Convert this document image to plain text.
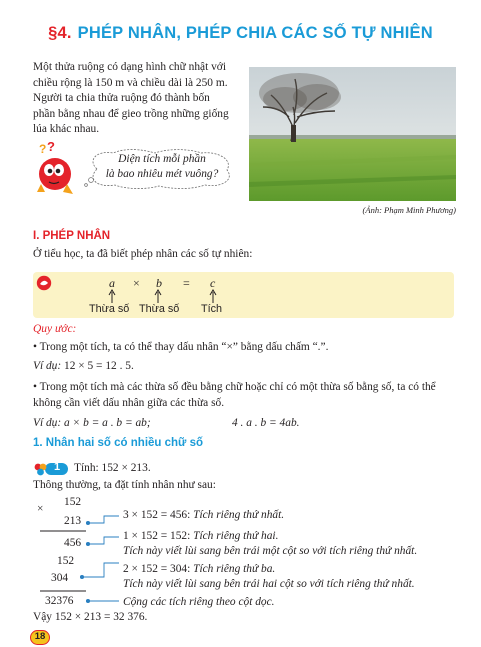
§4. PHÉP NHÂN, PHÉP CHIA CÁC SỐ TỰ NHIÊN
Một thửa ruộng có dạng hình chữ nhật với
chiều rộng là 150 m và chiều dài là 250 m.
Người ta chia thửa ruộng đó thành bốn
phần bằng nhau để gieo trồng những giống
lúa khác nhau.
(Ảnh: Phạm Minh Phương)
? ?
Diện tích mỗi phần
là bao nhiêu mét vuông?
I. PHÉP NHÂN
Ở tiểu học, ta đã biết phép nhân các số tự nhiên:
a × b = c
Thừa số Thừa số Tích
Quy ước:
• Trong một tích, ta có thể thay dấu nhân “×” bằng dấu chấm “.”.
Ví dụ: 12 × 5 = 12 . 5.
• Trong một tích mà các thừa số đều bằng chữ hoặc chỉ có một thừa số bằng số, ta có thể
không cần viết dấu nhân giữa các thừa số.
Ví dụ: a × b = a . b = ab;	4 . a . b = 4ab.
1. Nhân hai số có nhiều chữ số
1 Tính: 152 × 213.
Thông thường, ta đặt tính nhân như sau:
×
152
213
456
152
304
32376
3 × 152 = 456: Tích riêng thứ nhất.
1 × 152 = 152: Tích riêng thứ hai.
Tích này viết lùi sang bên trái một cột so với tích riêng thứ nhất.
2 × 152 = 304: Tích riêng thứ ba.
Tích này viết lùi sang bên trái hai cột so với tích riêng thứ nhất.
Cộng các tích riêng theo cột dọc.
Vậy 152 × 213 = 32 376.
18
